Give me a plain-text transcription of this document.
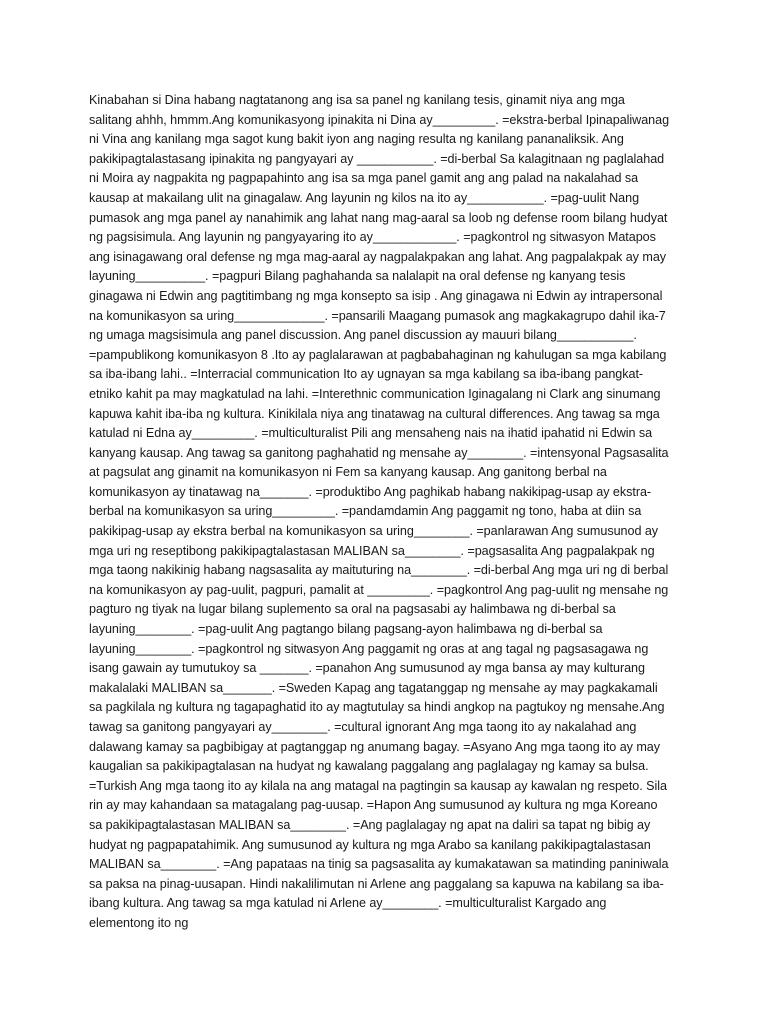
Kinabahan si Dina habang nagtatanong ang isa sa panel ng kanilang tesis, ginamit niya ang mga salitang ahhh, hmmm.Ang komunikasyong ipinakita ni Dina ay_________. =ekstra-berbal Ipinapaliwanag ni Vina ang kanilang mga sagot kung bakit iyon ang naging resulta ng kanilang pananaliksik. Ang pakikipagtalastasang ipinakita ng pangyayari ay ___________. =di-berbal Sa kalagitnaan ng paglalahad ni Moira ay nagpakita ng pagpapahinto ang isa sa mga panel gamit ang ang palad na nakalahad sa kausap at makailang ulit na ginagalaw. Ang layunin ng kilos na ito ay___________. =pag-uulit Nang pumasok ang mga panel ay nanahimik ang lahat nang mag-aaral sa loob ng defense room bilang hudyat ng pagsisimula. Ang layunin ng pangyayaring ito ay____________. =pagkontrol ng sitwasyon Matapos ang isinagawang oral defense ng mga mag-aaral ay nagpalakpakan ang lahat. Ang pagpalakpak ay may layuning__________. =pagpuri Bilang paghahanda sa nalalapit na oral defense ng kanyang tesis ginagawa ni Edwin ang pagtitimbang ng mga konsepto sa isip . Ang ginagawa ni Edwin ay intrapersonal na komunikasyon sa uring_____________. =pansarili Maagang pumasok ang magkakagrupo dahil ika-7 ng umaga magsisimula ang panel discussion. Ang panel discussion ay mauuri bilang___________. =pampublikong komunikasyon 8 .Ito ay paglalarawan at pagbabahaginan ng kahulugan sa mga kabilang sa iba-ibang lahi.. =Interracial communication Ito ay ugnayan sa mga kabilang sa iba-ibang pangkat-etniko kahit pa may magkatulad na lahi. =Interethnic communication Iginagalang ni Clark ang sinumang kapuwa kahit iba-iba ng kultura. Kinikilala niya ang tinatawag na cultural differences. Ang tawag sa mga katulad ni Edna ay_________. =multiculturalist Pili ang mensaheng nais na ihatid ipahatid ni Edwin sa kanyang kausap. Ang tawag sa ganitong paghahatid ng mensahe ay________. =intensyonal Pagsasalita at pagsulat ang ginamit na komunikasyon ni Fem sa kanyang kausap. Ang ganitong berbal na komunikasyon ay tinatawag na_______. =produktibo Ang paghikab habang nakikipag-usap ay ekstra-berbal na komunikasyon sa uring_________. =pandamdamin Ang paggamit ng tono, haba at diin sa pakikipag-usap ay ekstra berbal na komunikasyon sa uring________. =panlarawan Ang sumusunod ay mga uri ng reseptibong pakikipagtalastasan MALIBAN sa________. =pagsasalita Ang pagpalakpak ng mga taong nakikinig habang nagsasalita ay maituturing na________. =di-berbal Ang mga uri ng di berbal na komunikasyon ay pag-uulit, pagpuri, pamalit at _________. =pagkontrol Ang pag-uulit ng mensahe ng pagturo ng tiyak na lugar bilang suplemento sa oral na pagsasabi ay halimbawa ng di-berbal sa layuning________. =pag-uulit Ang pagtango bilang pagsang-ayon halimbawa ng di-berbal sa layuning________. =pagkontrol ng sitwasyon Ang paggamit ng oras at ang tagal ng pagsasagawa ng isang gawain ay tumutukoy sa _______. =panahon Ang sumusunod ay mga bansa ay may kulturang makalalaki MALIBAN sa_______. =Sweden Kapag ang tagatanggap ng mensahe ay may pagkakamali sa pagkilala ng kultura ng tagapaghatid ito ay magtutulay sa hindi angkop na pagtukoy ng mensahe.Ang tawag sa ganitong pangyayari ay________. =cultural ignorant Ang mga taong ito ay nakalahad ang dalawang kamay sa pagbibigay at pagtanggap ng anumang bagay. =Asyano Ang mga taong ito ay may kaugalian sa pakikipagtalasan na hudyat ng kawalang paggalang ang paglalagay ng kamay sa bulsa. =Turkish Ang mga taong ito ay kilala na ang matagal na pagtingin sa kausap ay kawalan ng respeto. Sila rin ay may kahandaan sa matagalang pag-uusap. =Hapon Ang sumusunod ay kultura ng mga Koreano sa pakikipagtalastasan MALIBAN sa________. =Ang paglalagay ng apat na daliri sa tapat ng bibig ay hudyat ng pagpapatahimik. Ang sumusunod ay kultura ng mga Arabo sa kanilang pakikipagtalastasan MALIBAN sa________. =Ang papataas na tinig sa pagsasalita ay kumakatawan sa matinding paniniwala sa paksa na pinag-uusapan. Hindi nakalilimutan ni Arlene ang paggalang sa kapuwa na kabilang sa iba-ibang kultura. Ang tawag sa mga katulad ni Arlene ay________. =multiculturalist Kargado ang elementong ito ng
